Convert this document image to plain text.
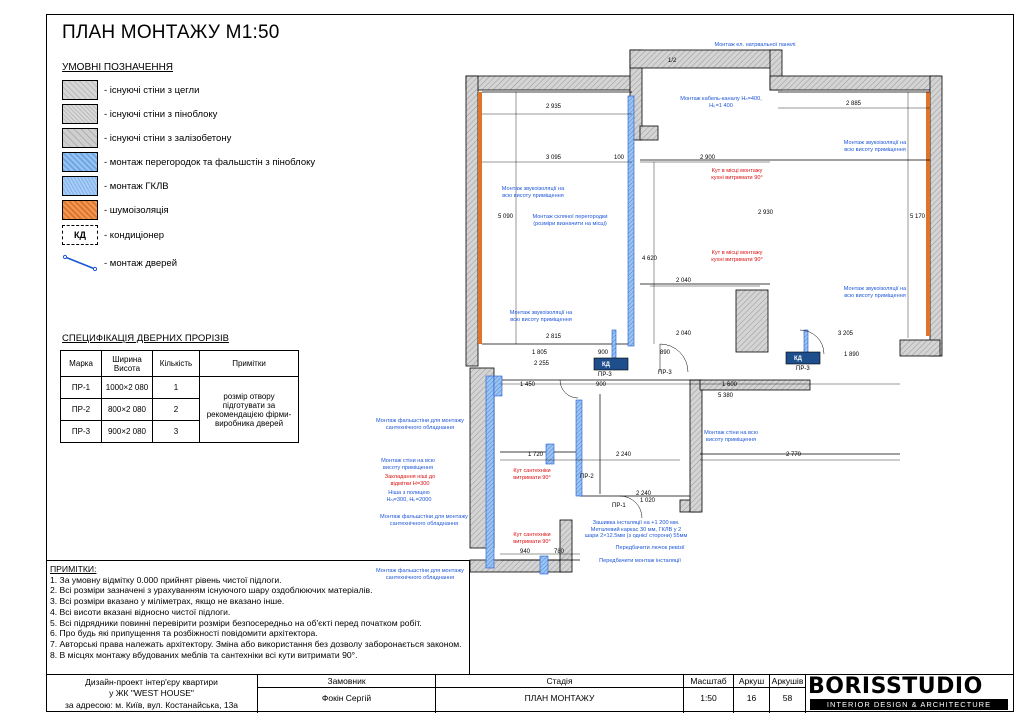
ПЛАН МОНТАЖУ М1:50
УМОВНІ ПОЗНАЧЕННЯ
- існуючі стіни з цегли
- існуючі стіни з піноблоку
- існуючі стіни з залізобетону
- монтаж перегородок та фальшстін з піноблоку
- монтаж ГКЛВ
- шумоізоляція
КД	- кондиціонер
- монтаж дверей
СПЕЦИФІКАЦІЯ ДВЕРНИХ ПРОРІЗІВ
Марка	Ширина Висота	Кількість	Примітки
ПР-1	1000×2 080	1	розмір отвору підготувати за рекомендацією фірми-виробника дверей
ПР-2	800×2 080	2	
ПР-3	900×2 080	3	
2 935
3 095	100	2 900
2 885
5 090	5 170
2 930
4 620
2 040
2 815
1 805
2 255
900	890
2 040	3 205
1 890
1 450	900	1 600
5 380
1 720	2 240	2 770
2 240
1 020
940	780
1/2
КД
КД
ПР-1
ПР-2
ПР-3	ПР-3
ПР-3
Монтаж ел. натрвальної панелі
Монтаж кабель-каналу Hₙ=400, Hₖ=1 400
Монтаж звукоізоляції на всю висоту приміщення
Монтаж скляної перегородки (розміри визначити на місці)
Кут в місці монтажу кухні витримати 90°
Кут в місці монтажу кухні витримати 90°
Монтаж звукоізоляції на всю висоту приміщення
Монтаж звукоізоляції на всю висоту приміщення
Монтаж звукоізоляції на всю висоту приміщення
Монтаж фальшстіни для монтажу сантехнічного обладнання
Монтаж стіни на всю висоту приміщення
Закладання ніші до відмітки Н=300
Ніша з полицею Hₙᵢ=300, Hₖ=2000
Кут сантехніки витримати 90°
Кут сантехніки витримати 90°
Монтаж фальшстіни для монтажу сантехнічного обладнання	Зашивка інсталяції на +1 200 мм. Металевий каркас 30 мм, ГКЛВ у 2 шари 2×12.5мм (з однієї сторони) 55мм
Передбачити лючок ревізії
Передбачити монтаж інсталяції
Монтаж стіни на всю висоту приміщення
Монтаж фальшстіни для монтажу сантехнічного обладнання
ПРИМІТКИ:
1. За умовну відмітку 0.000 прийнят рівень чистої підлоги.
2. Всі розміри зазначені з урахуванням існуючого шару оздоблюючих матеріалів.
3. Всі розміри вказано у міліметрах, якщо не вказано інше.
4. Всі висоти вказані відносно чистої підлоги.
5. Всі підрядники повинні перевірити розміри безпосередньо на об'єкті перед початком робіт.
6. Про будь які припущення та розбіжності повідомити архітектора.
7. Авторські права належать архітектору. Зміна або використання без дозволу заборонається законом.
8. В місцях монтажу вбудованих меблів та сантехніки всі кути витримати 90°.
Дизайн-проект інтер'єру квартири
у ЖК "WEST HOUSE"
за адресою: м. Київ, вул. Костанайська, 13а
Замовник
Фокін Сергій
Стадія
ПЛАН МОНТАЖУ
Масштаб
1:50
Аркуш
16
Аркушів
58 BORISSTUDIO
INTERIOR DESIGN & ARCHITECTURE
